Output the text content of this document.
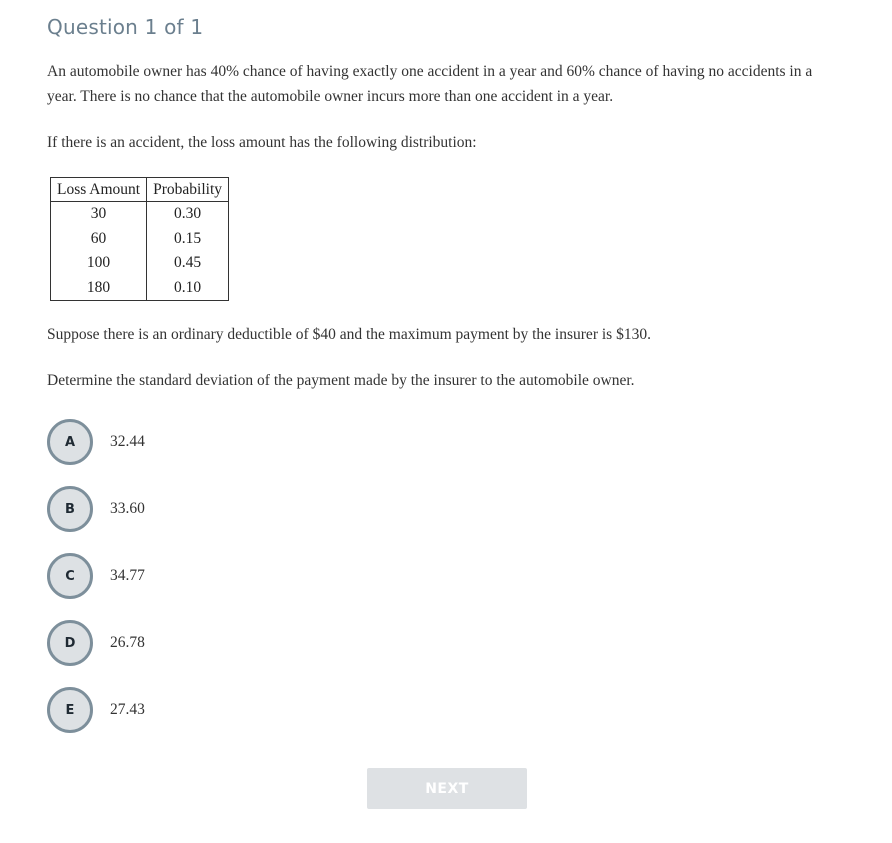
Question 1 of 1

An automobile owner has 40% chance of having exactly one accident in a year and 60% chance of having no accidents in a year. There is no chance that the automobile owner incurs more than one accident in a year.

If there is an accident, the loss amount has the following distribution:

Loss Amount	Probability
30	0.30
60	0.15
100	0.45
180	0.10

Suppose there is an ordinary deductible of $40 and the maximum payment by the insurer is $130.

Determine the standard deviation of the payment made by the insurer to the automobile owner.

A	32.44
B	33.60
C	34.77
D	26.78
E	27.43
NEXT
